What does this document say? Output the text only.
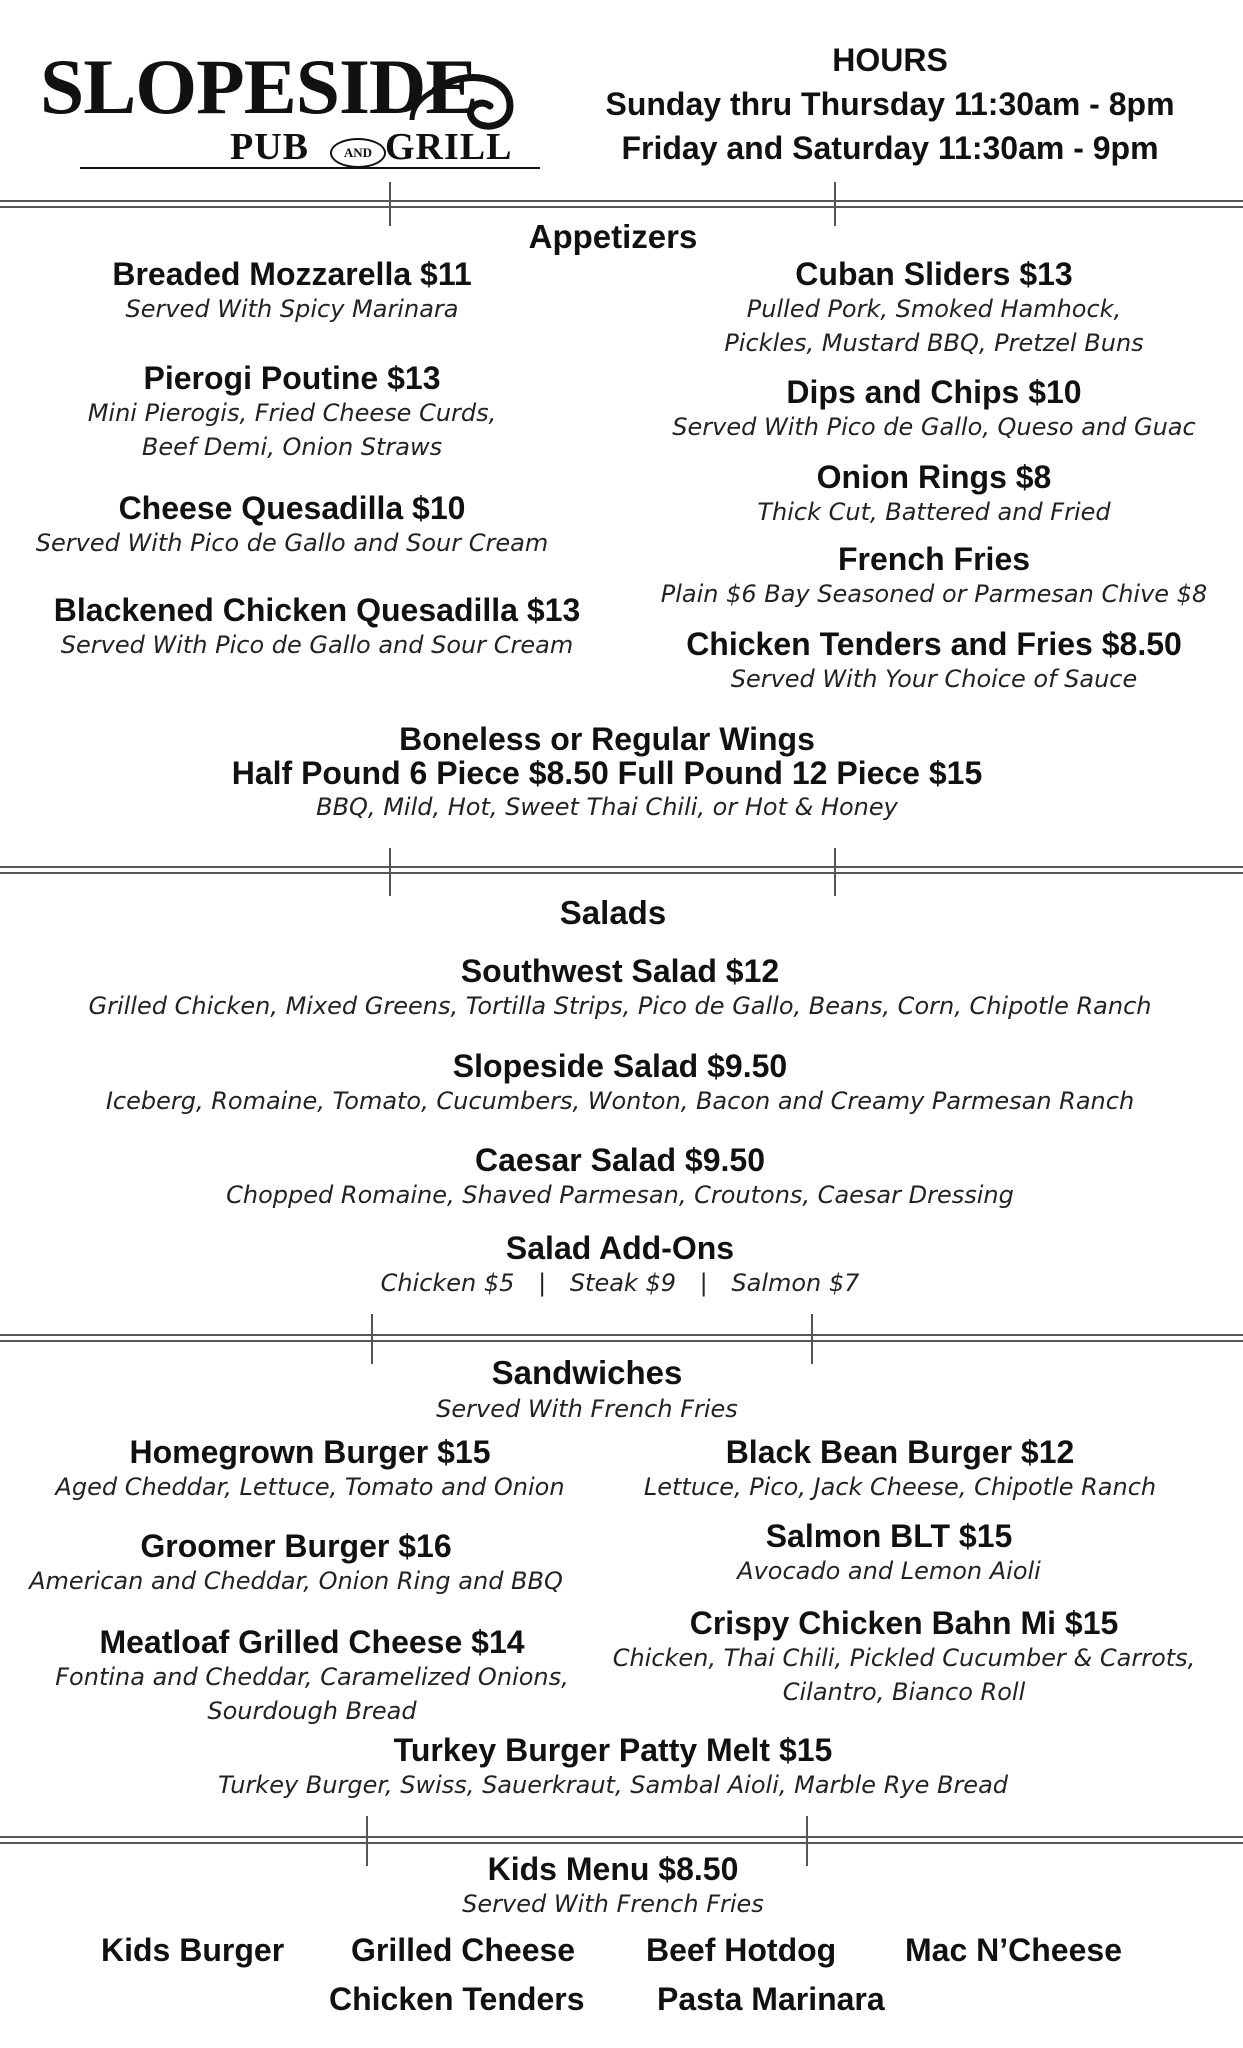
SLOPESIDE
PUB	AND GRILL
HOURS
Sunday thru Thursday 11:30am - 8pm
Friday and Saturday 11:30am - 9pm
Appetizers
Breaded Mozzarella $11
Served With Spicy Marinara
Pierogi Poutine $13
Mini Pierogis, Fried Cheese Curds,
Beef Demi, Onion Straws
Cheese Quesadilla $10
Served With Pico de Gallo and Sour Cream
Blackened Chicken Quesadilla $13
Served With Pico de Gallo and Sour Cream
Cuban Sliders $13
Pulled Pork, Smoked Hamhock,
Pickles, Mustard BBQ, Pretzel Buns
Dips and Chips $10
Served With Pico de Gallo, Queso and Guac
Onion Rings $8
Thick Cut, Battered and Fried
French Fries
Plain $6 Bay Seasoned or Parmesan Chive $8
Chicken Tenders and Fries $8.50
Served With Your Choice of Sauce
Boneless or Regular Wings
Half Pound 6 Piece $8.50 Full Pound 12 Piece $15
BBQ, Mild, Hot, Sweet Thai Chili, or Hot & Honey
Salads
Southwest Salad $12
Grilled Chicken, Mixed Greens, Tortilla Strips, Pico de Gallo, Beans, Corn, Chipotle Ranch
Slopeside Salad $9.50
Iceberg, Romaine, Tomato, Cucumbers, Wonton, Bacon and Creamy Parmesan Ranch
Caesar Salad $9.50
Chopped Romaine, Shaved Parmesan, Croutons, Caesar Dressing
Salad Add-Ons
Chicken $5 | Steak $9 | Salmon $7
Sandwiches
Served With French Fries
Homegrown Burger $15
Aged Cheddar, Lettuce, Tomato and Onion
Groomer Burger $16
American and Cheddar, Onion Ring and BBQ
Meatloaf Grilled Cheese $14
Fontina and Cheddar, Caramelized Onions,
Sourdough Bread
Black Bean Burger $12
Lettuce, Pico, Jack Cheese, Chipotle Ranch
Salmon BLT $15
Avocado and Lemon Aioli
Crispy Chicken Bahn Mi $15
Chicken, Thai Chili, Pickled Cucumber & Carrots,
Cilantro, Bianco Roll
Turkey Burger Patty Melt $15
Turkey Burger, Swiss, Sauerkraut, Sambal Aioli, Marble Rye Bread
Kids Menu $8.50
Served With French Fries
Kids Burger Grilled Cheese Beef Hotdog Mac N’Cheese
Chicken Tenders Pasta Marinara
